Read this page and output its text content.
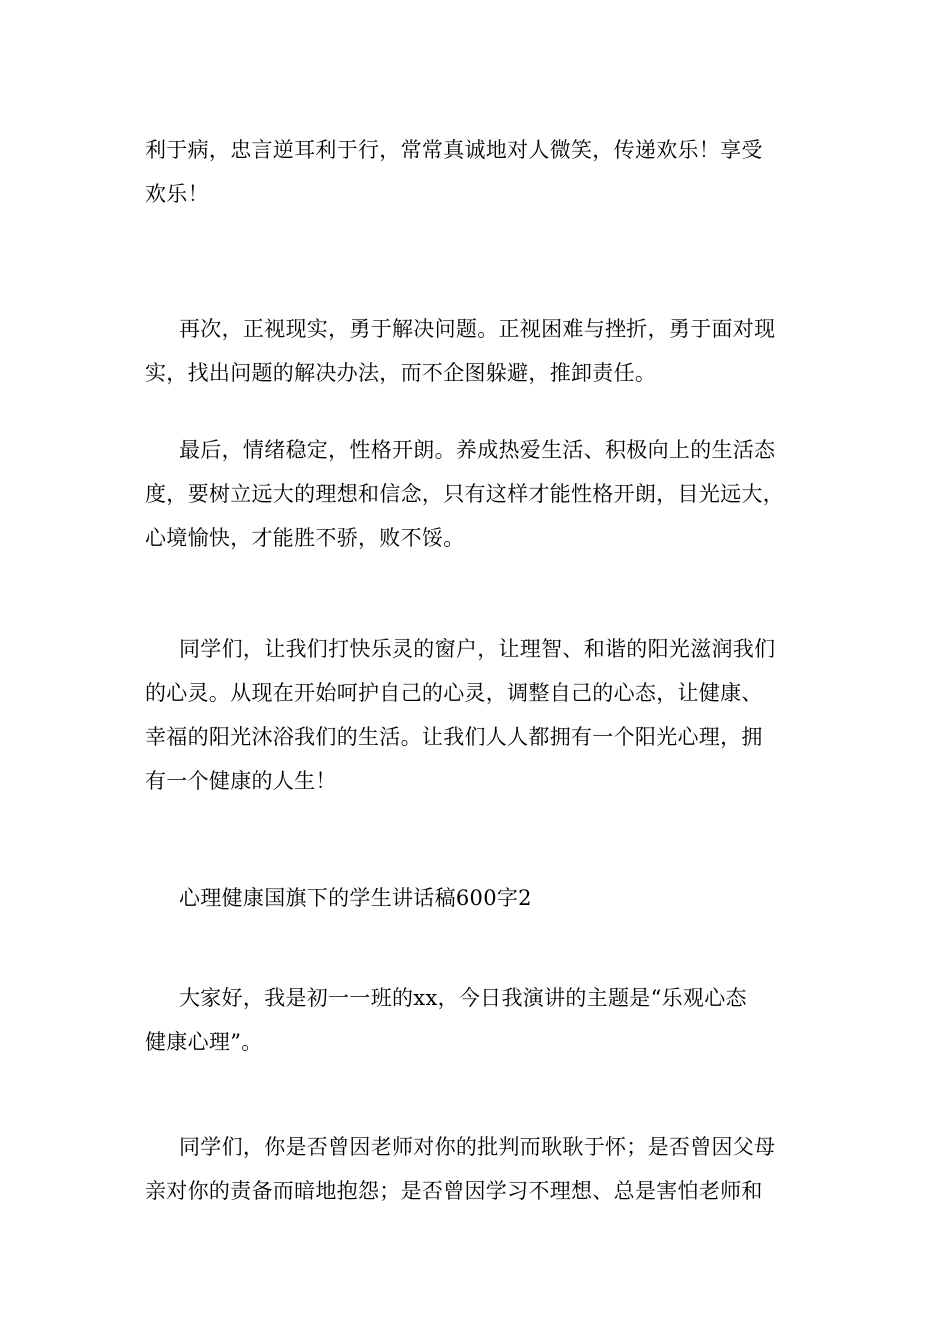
利于病，忠言逆耳利于行，常常真诚地对人微笑，传递欢乐！享受
欢乐！

再次，正视现实，勇于解决问题。正视困难与挫折，勇于面对现
实，找出问题的解决办法，而不企图躲避，推卸责任。

最后，情绪稳定，性格开朗。养成热爱生活、积极向上的生活态
度，要树立远大的理想和信念，只有这样才能性格开朗，目光远大，
心境愉快，才能胜不骄，败不馁。

同学们，让我们打快乐灵的窗户，让理智、和谐的阳光滋润我们
的心灵。从现在开始呵护自己的心灵，调整自己的心态，让健康、
幸福的阳光沐浴我们的生活。让我们人人都拥有一个阳光心理，拥
有一个健康的人生！

心理健康国旗下的学生讲话稿600字2

大家好，我是初一一班的xx，今日我演讲的主题是“乐观心态
健康心理”。

同学们，你是否曾因老师对你的批判而耿耿于怀；是否曾因父母
亲对你的责备而暗地抱怨；是否曾因学习不理想、总是害怕老师和
